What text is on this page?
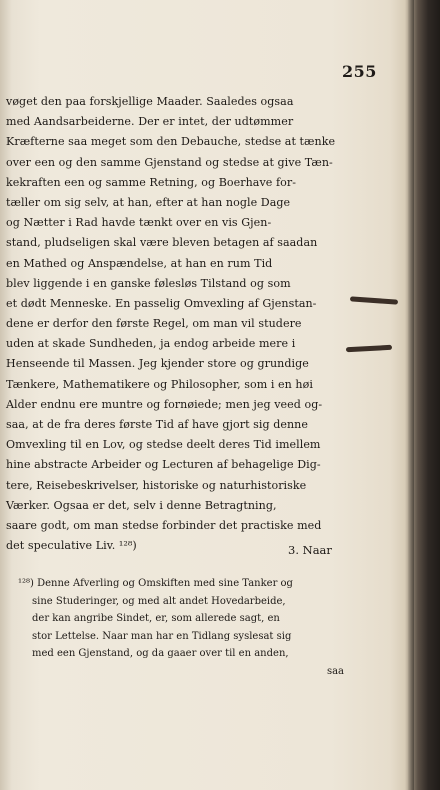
255
vøget den paa forskjellige Maader. Saaledes ogsaa
med Aandsarbeiderne. Der er intet, der udtømmer
Kræfterne saa meget som den Debauche, stedse at tænke
over een og den samme Gjenstand og stedse at give Tæn-
kekraften een og samme Retning, og Boerhave for-
tæller om sig selv, at han, efter at han nogle Dage
og Nætter i Rad havde tænkt over en vis Gjen-
stand, pludseligen skal være bleven betagen af saadan
en Mathed og Anspændelse, at han en rum Tid
blev liggende i en ganske følesløs Tilstand og som
et dødt Menneske. En passelig Omvexling af Gjenstan-
dene er derfor den første Regel, om man vil studere
uden at skade Sundheden, ja endog arbeide mere i
Henseende til Massen. Jeg kjender store og grundige
Tænkere, Mathematikere og Philosopher, som i en høi
Alder endnu ere muntre og fornøiede; men jeg veed og-
saa, at de fra deres første Tid af have gjort sig denne
Omvexling til en Lov, og stedse deelt deres Tid imellem
hine abstracte Arbeider og Lecturen af behagelige Dig-
tere, Reisebeskrivelser, historiske og naturhistoriske
Værker. Ogsaa er det, selv i denne Betragtning,
saare godt, om man stedse forbinder det practiske med
det speculative Liv. ¹²⁸)	3. Naar
¹²⁸) Denne Afverling og Omskiften med sine Tanker og
sine Studeringer, og med alt andet Hovedarbeide,
der kan angribe Sindet, er, som allerede sagt, en
stor Lettelse. Naar man har en Tidlang syslesat sig
med een Gjenstand, og da gaaer over til en anden,
saa
